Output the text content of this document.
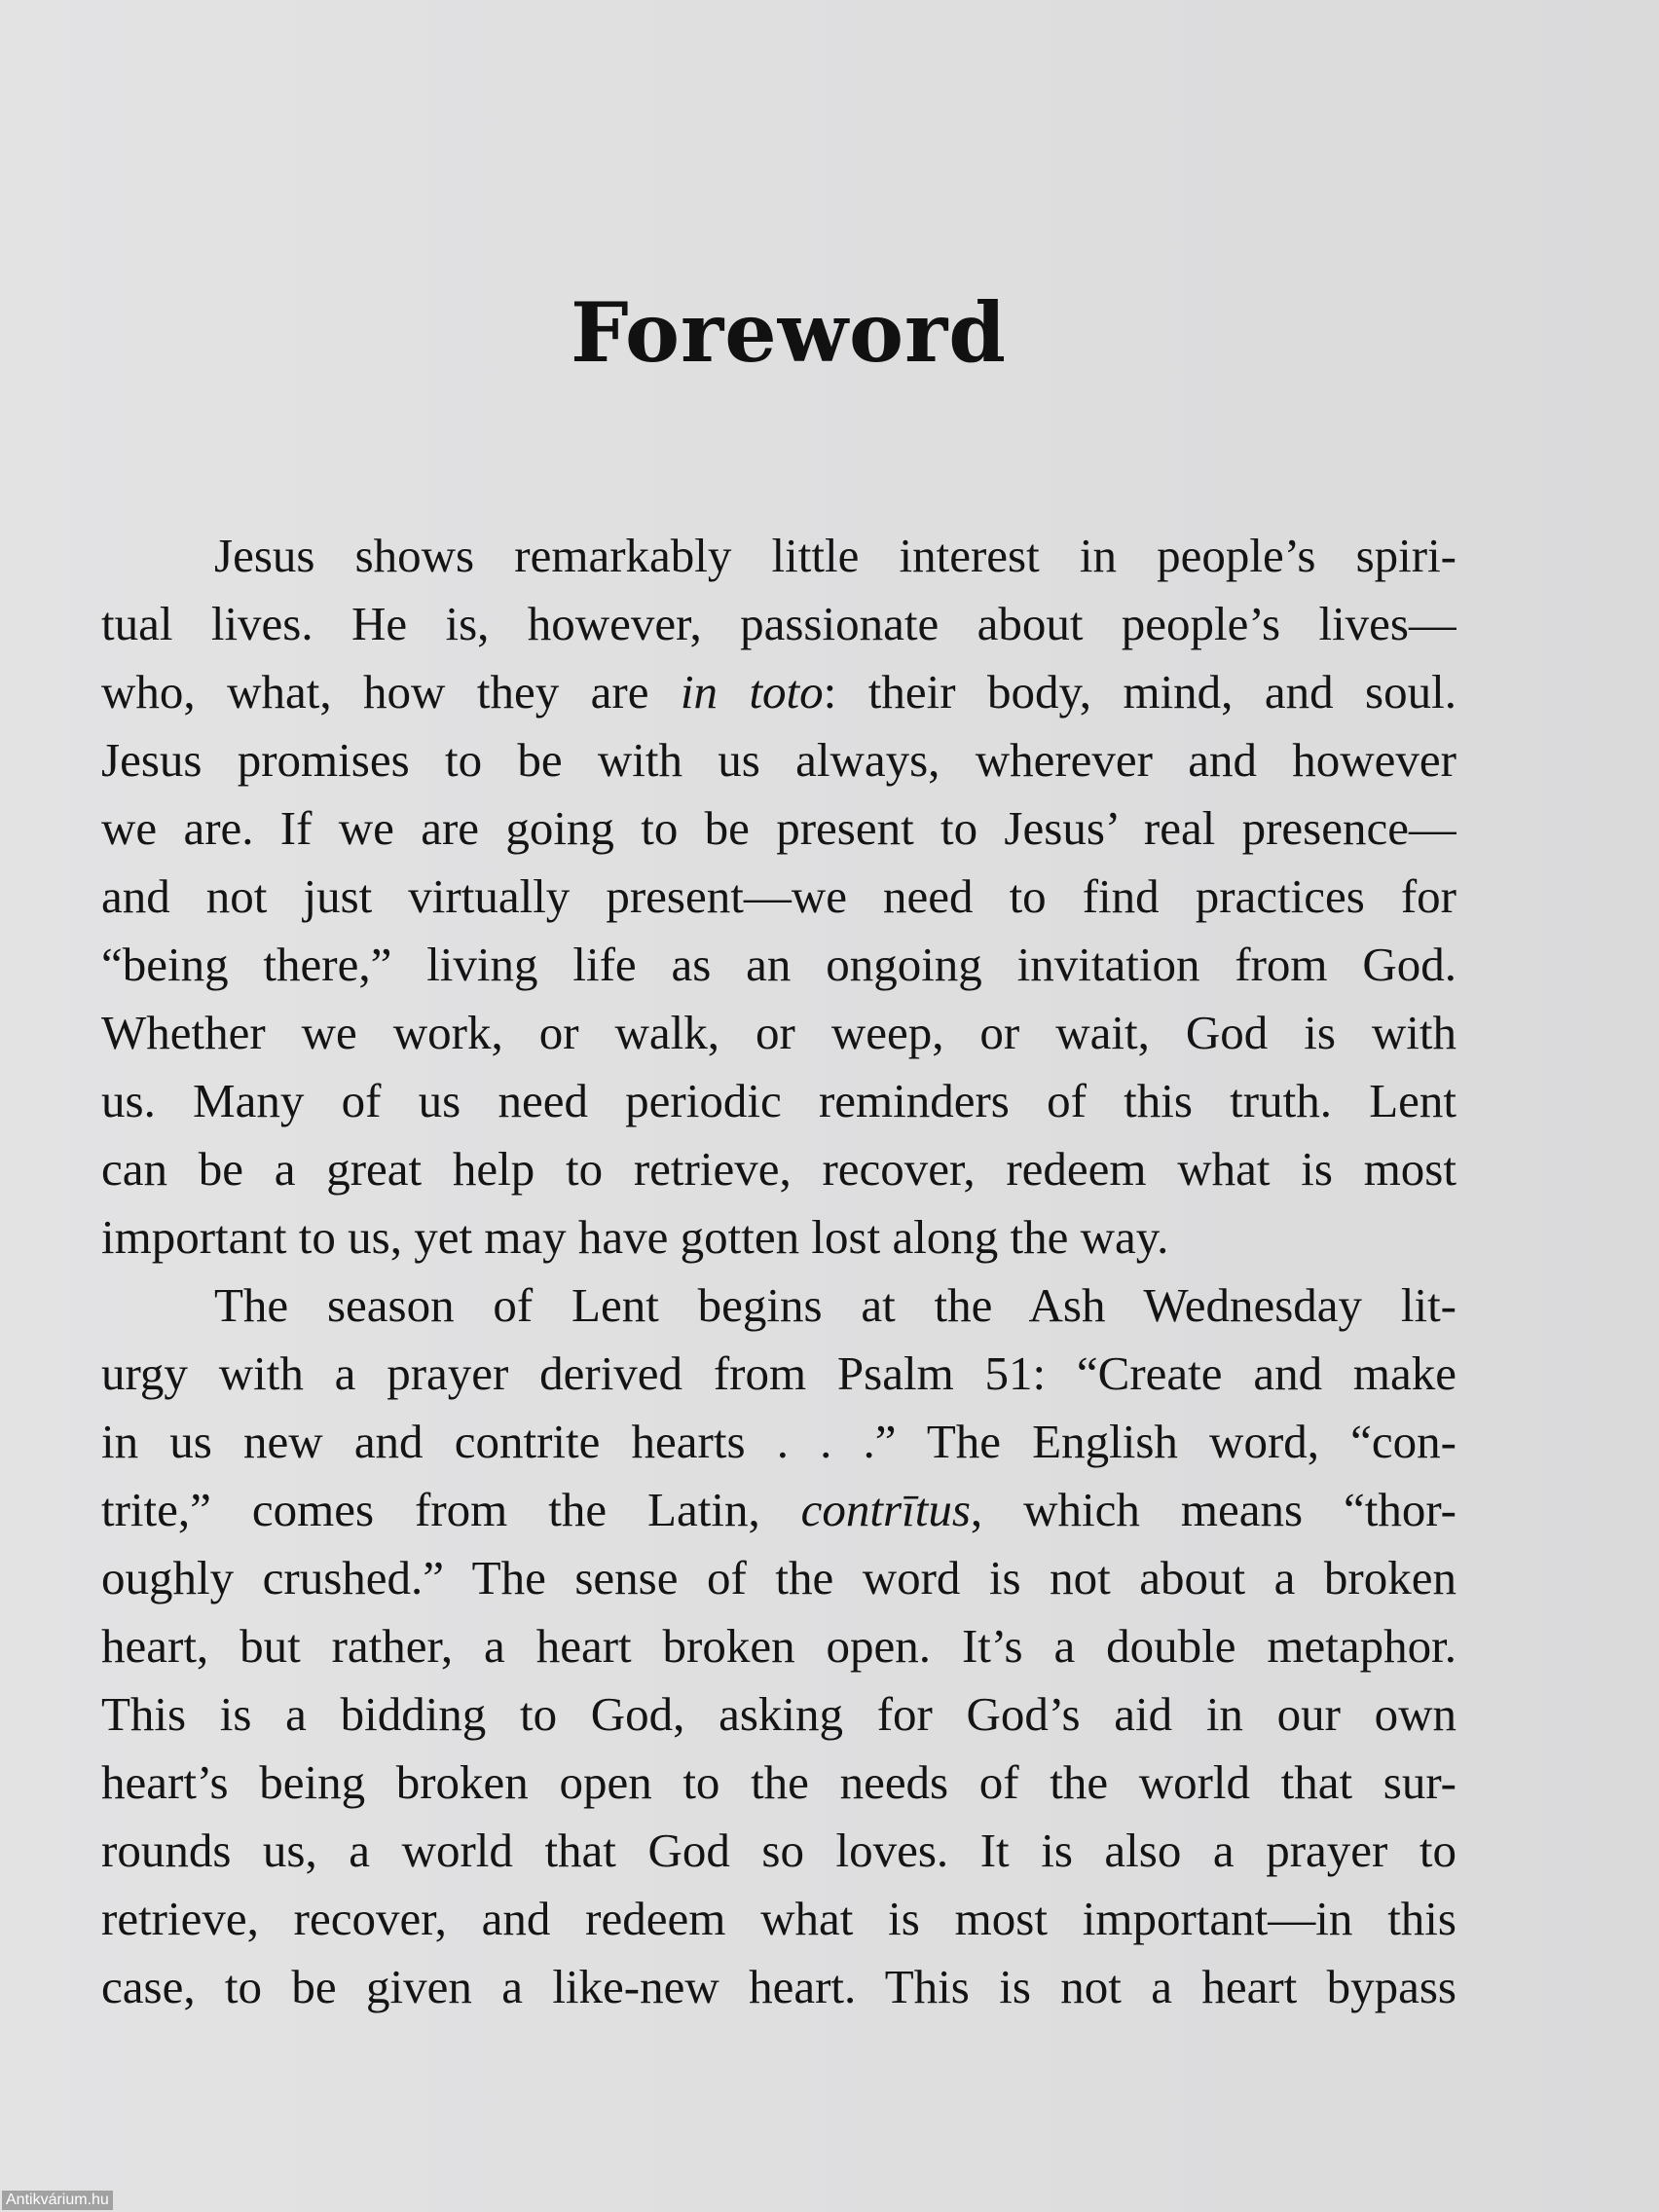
Foreword
Jesus shows remarkably little interest in people’s spiri-
tual lives. He is, however, passionate about people’s lives—
who, what, how they are in toto: their body, mind, and soul.
Jesus promises to be with us always, wherever and however
we are. If we are going to be present to Jesus’ real presence—
and not just virtually present—we need to find practices for
“being there,” living life as an ongoing invitation from God.
Whether we work, or walk, or weep, or wait, God is with
us. Many of us need periodic reminders of this truth. Lent
can be a great help to retrieve, recover, redeem what is most
important to us, yet may have gotten lost along the way.
The season of Lent begins at the Ash Wednesday lit-
urgy with a prayer derived from Psalm 51: “Create and make
in us new and contrite hearts . . .” The English word, “con-
trite,” comes from the Latin, contrītus, which means “thor-
oughly crushed.” The sense of the word is not about a broken
heart, but rather, a heart broken open. It’s a double metaphor.
This is a bidding to God, asking for God’s aid in our own
heart’s being broken open to the needs of the world that sur-
rounds us, a world that God so loves. It is also a prayer to
retrieve, recover, and redeem what is most important—in this
case, to be given a like-new heart. This is not a heart bypass
Antikvárium.hu
